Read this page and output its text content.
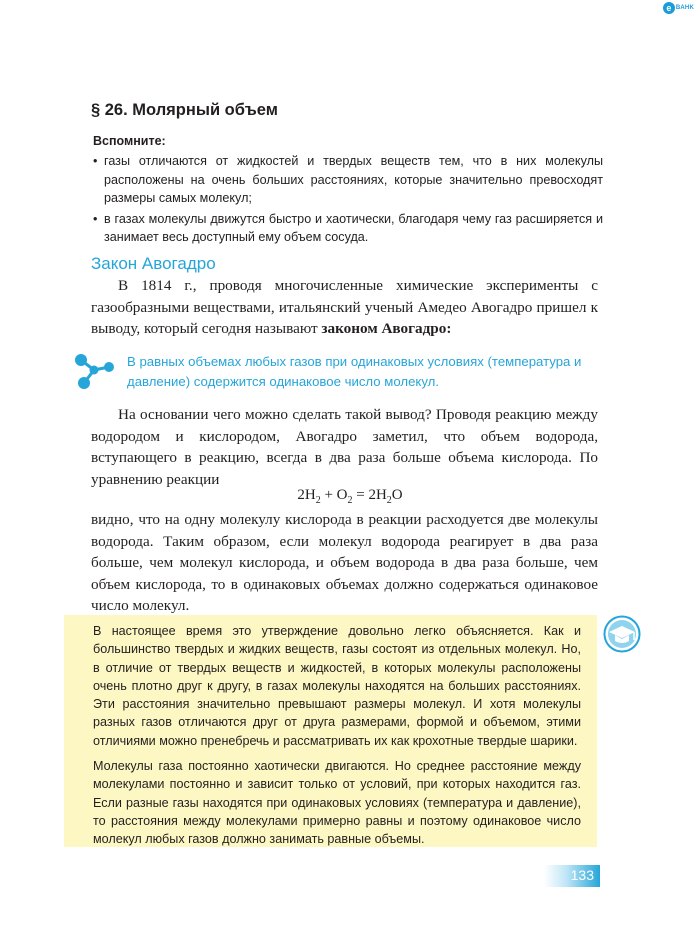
e BAHK
§ 26. Молярный объем
Вспомните:
• газы отличаются от жидкостей и твердых веществ тем, что в них молекулы расположены на очень больших расстояниях, которые значительно превосходят размеры самых молекул;
• в газах молекулы движутся быстро и хаотически, благодаря чему газ расширяется и занимает весь доступный ему объем сосуда.
Закон Авогадро

В 1814 г., проводя многочисленные химические эксперименты с газообразными веществами, итальянский ученый Амедео Авогадро пришел к выводу, который сегодня называют законом Авогадро:

В равных объемах любых газов при одинаковых условиях (температура и давление) содержится одинаковое число молекул.

На основании чего можно сделать такой вывод? Проводя реакцию между водородом и кислородом, Авогадро заметил, что объем водорода, вступающего в реакцию, всегда в два раза больше объема кислорода. По уравнению реакции

$2H_2 + O_2 = 2H_2O$

видно, что на одну молекулу кислорода в реакции расходуется две молекулы водорода. Таким образом, если молекул водорода реагирует в два раза больше, чем молекул кислорода, и объем водорода в два раза больше, чем объем кислорода, то в одинаковых объемах должно содержаться одинаковое число молекул.

В настоящее время это утверждение довольно легко объясняется. Как и большинство твердых и жидких веществ, газы состоят из отдельных молекул. Но, в отличие от твердых веществ и жидкостей, в которых молекулы расположены очень плотно друг к другу, в газах молекулы находятся на больших расстояниях. Эти расстояния значительно превышают размеры молекул. И хотя молекулы разных газов отличаются друг от друга размерами, формой и объемом, этими отличиями можно пренебречь и рассматривать их как крохотные твердые шарики.

Молекулы газа постоянно хаотически двигаются. Но среднее расстояние между молекулами постоянно и зависит только от условий, при которых находится газ. Если разные газы находятся при одинаковых условиях (температура и давление), то расстояния между молекулами примерно равны и поэтому одинаковое число молекул любых газов должно занимать равные объемы.

133
